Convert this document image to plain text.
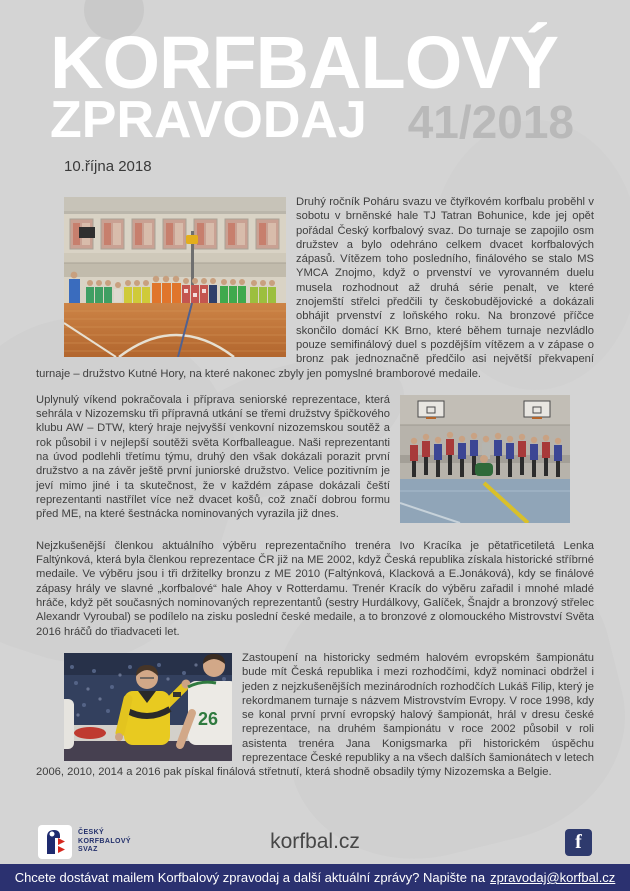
KORFBALOVÝ
ZPRAVODAJ 41/2018
10.října 2018

Druhý ročník Poháru svazu ve čtyřkovém korfbalu proběhl v sobotu v brněnské hale TJ Tatran Bohunice, kde jej opět pořádal Český korfbalový svaz. Do turnaje se zapojilo osm družstev a bylo odehráno celkem dvacet korfbalových zápasů. Vítězem toho posledního, finálového se stalo MS YMCA Znojmo, když o prvenství ve vyrovanném duelu musela rozhodnout až druhá série penalt, ve které znojemští střelci předčili ty českobudějovické a dokázali obhájit prvenství z loňského roku. Na bronzové příčce skončilo domácí KK Brno, které během turnaje nezvládlo pouze semifinálový duel s pozdějším vítězem a v zápase o bronz pak jednoznačně předčilo asi největší překvapení turnaje – družstvo Kutné Hory, na které nakonec zbyly jen pomyslné bramborové medaile.

Uplynulý víkend pokračovala i příprava seniorské reprezentace, která sehrála v Nizozemsku tři přípravná utkání se třemi družstvy špičkového klubu AW – DTW, který hraje nejvyšší venkovní nizozemskou soutěž a rok působil i v nejlepší soutěži světa Korfballeague. Naši reprezentanti na úvod podlehli třetímu týmu, druhý den však dokázali porazit první družstvo a na závěr ještě první juniorské družstvo. Velice pozitivním je jeví mimo jiné i ta skutečnost, že v každém zápase dokázali čeští reprezentanti nastřílet více než dvacet košů, což značí dobrou formu před ME, na které šestnácka nominovaných vyrazila již dnes.

Nejzkušenější členkou aktuálního výběru reprezentačního trenéra Ivo Kracíka je pětatřicetiletá Lenka Faltýnková, která byla členkou reprezentace ČR již na ME 2002, když Česká republika získala historické stříbrné medaile. Ve výběru jsou i tři držitelky bronzu z ME 2010 (Faltýnková, Klacková a E.Jonáková), kdy se finálové zápasy hrály ve slavné „korfbalové“ hale Ahoy v Rotterdamu. Trenér Kracík do výběru zařadil i mnohé mladé hráče, když pět současných nominovaných reprezentantů (sestry Hurdálkovy, Galíček, Šnajdr a bronzový střelec Alexandr Vyroubal) se podílelo na zisku poslední české medaile, a to bronzové z olomouckého Mistrovství Světa 2016 hráčů do třiadvaceti let.

26

Zastoupení na historicky sedmém halovém evropském šampionátu bude mít Česká republika i mezi rozhodčími, když nominaci obdržel i jeden z nejzkušenějších mezinárodních rozhodčích Lukáš Filip, který je rekordmanem turnaje s názvem Mistrovstvím Evropy. V roce 1998, kdy se konal první první evropský halový šampionát, hrál v dresu české reprezentace, na druhém šampionátu v roce 2002 působil v roli asistenta trenéra Jana Konigsmarka při historickém úspěchu reprezentace České republiky a na všech dalších šamionátech v letech 2006, 2010, 2014 a 2016 pak pískal finálová střetnutí, která shodně obsadily týmy Nizozemska a Belgie.

ČESKÝ
KORFBALOVÝ
SVAZ	korfbal.cz	f
Chcete dostávat mailem Korfbalový zpravodaj a další aktuální zprávy? Napište na zpravodaj@korfbal.cz
